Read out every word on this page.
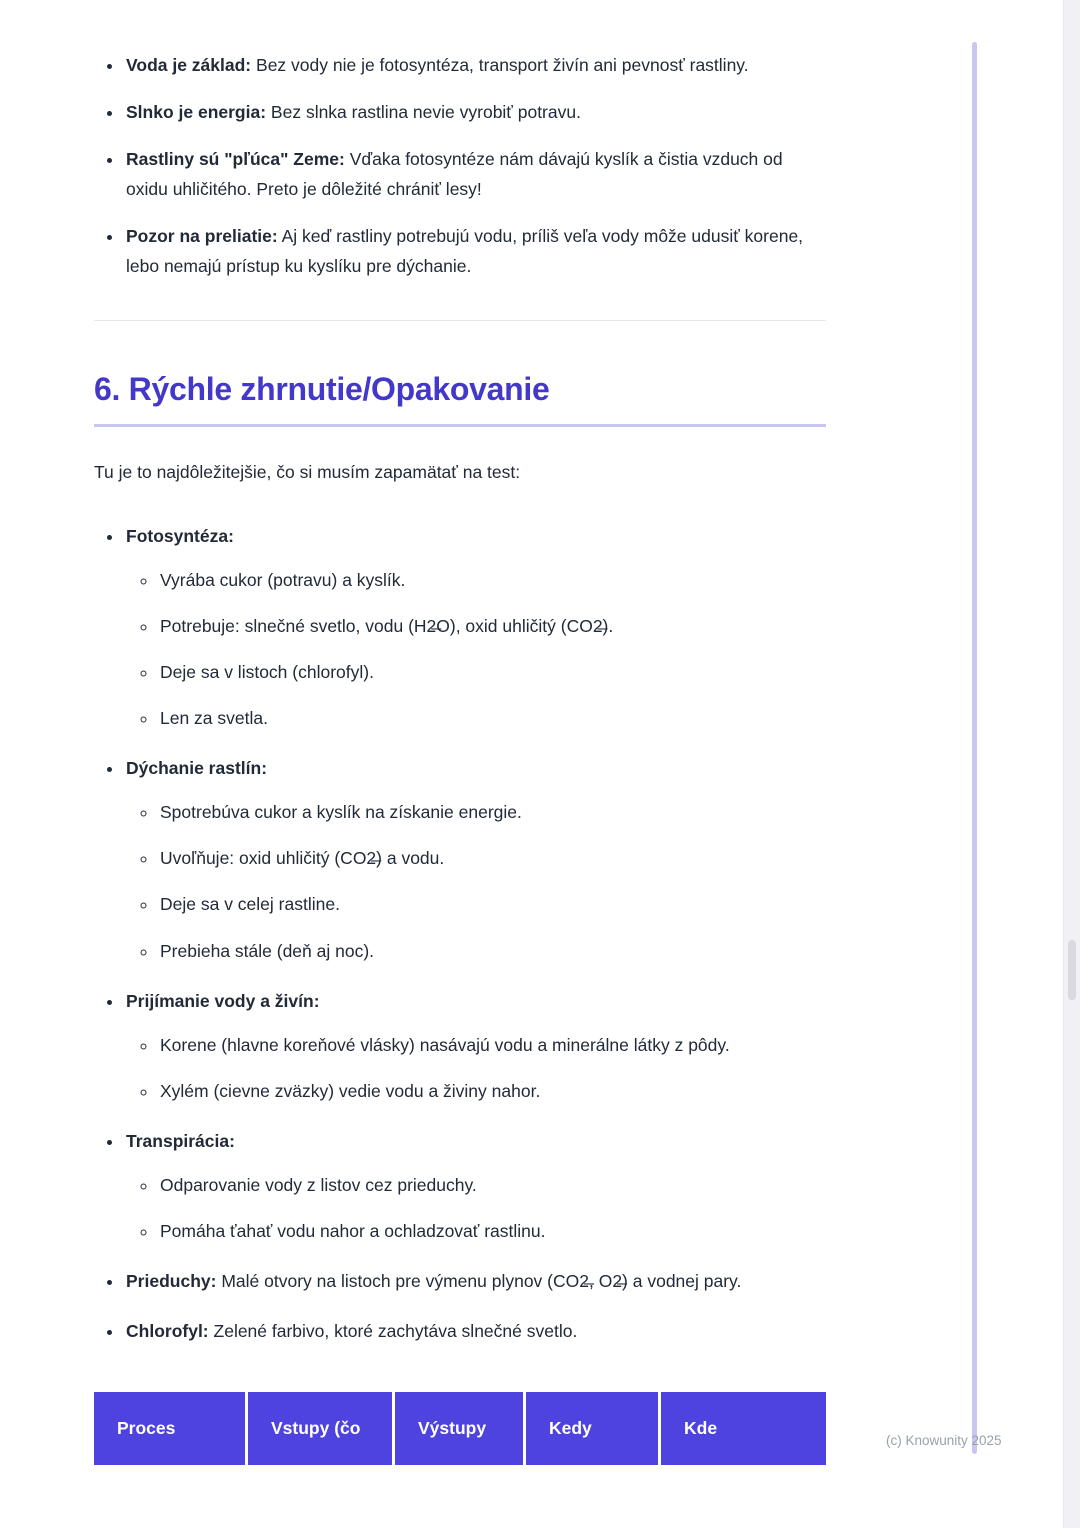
• Voda je základ: Bez vody nie je fotosyntéza, transport živín ani pevnosť rastliny.
• Slnko je energia: Bez slnka rastlina nevie vyrobiť potravu.
• Rastliny sú "pľúca" Zeme: Vďaka fotosyntéze nám dávajú kyslík a čistia vzduch od oxidu uhličitého. Preto je dôležité chrániť lesy!
• Pozor na preliatie: Aj keď rastliny potrebujú vodu, príliš veľa vody môže udusiť korene, lebo nemajú prístup ku kyslíku pre dýchanie.
6. Rýchle zhrnutie/Opakovanie

Tu je to najdôležitejšie, čo si musím zapamätať na test:

• Fotosyntéza:
◦ Vyrába cukor (potravu) a kyslík.
◦ Potrebuje: slnečné svetlo, vodu (H2̶O), oxid uhličitý (CO2̶).
◦ Deje sa v listoch (chlorofyl).
◦ Len za svetla.
• Dýchanie rastlín:
◦ Spotrebúva cukor a kyslík na získanie energie.
◦ Uvoľňuje: oxid uhličitý (CO2̶) a vodu.
◦ Deje sa v celej rastline.
◦ Prebieha stále (deň aj noc).
• Prijímanie vody a živín:
◦ Korene (hlavne koreňové vlásky) nasávajú vodu a minerálne látky z pôdy.
◦ Xylém (cievne zväzky) vedie vodu a živiny nahor.
• Transpirácia:
◦ Odparovanie vody z listov cez prieduchy.
◦ Pomáha ťahať vodu nahor a ochladzovať rastlinu.
• Prieduchy: Malé otvory na listoch pre výmenu plynov (CO2̶, O2̶) a vodnej pary.
• Chlorofyl: Zelené farbivo, ktoré zachytáva slnečné svetlo.
Proces	Vstupy (čo	Výstupy	Kedy	Kde
(c) Knowunity 2025
